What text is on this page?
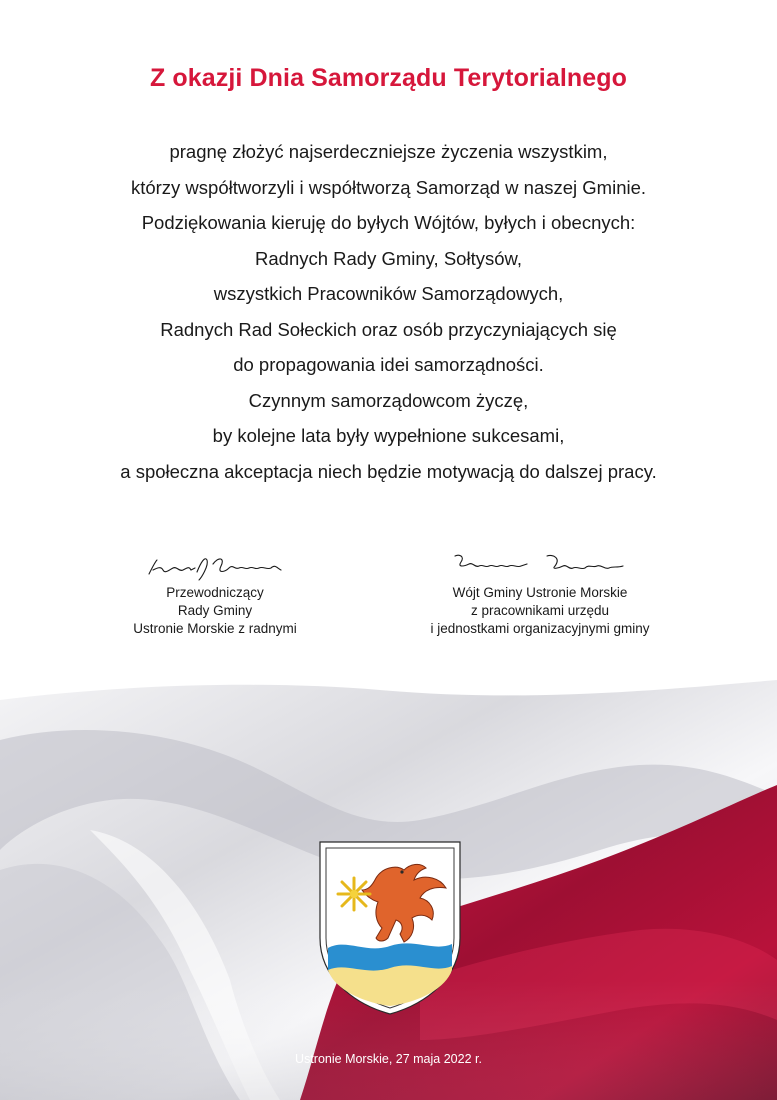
Z okazji Dnia Samorządu Terytorialnego
pragnę złożyć najserdeczniejsze życzenia wszystkim,
którzy współtworzyli i współtworzą Samorząd w naszej Gminie.
Podziękowania kieruję do byłych Wójtów, byłych i obecnych:
Radnych Rady Gminy, Sołtysów,
wszystkich Pracowników Samorządowych,
Radnych Rad Sołeckich oraz osób przyczyniających się
do propagowania idei samorządności.
Czynnym samorządowcom życzę,
by kolejne lata były wypełnione sukcesami,
a społeczna akceptacja niech będzie motywacją do dalszej pracy.
Przewodniczący
Rady Gminy
Ustronie Morskie z radnymi
Wójt Gminy Ustronie Morskie
z pracownikami urzędu
i jednostkami organizacyjnymi gminy
Ustronie Morskie, 27 maja 2022 r.
